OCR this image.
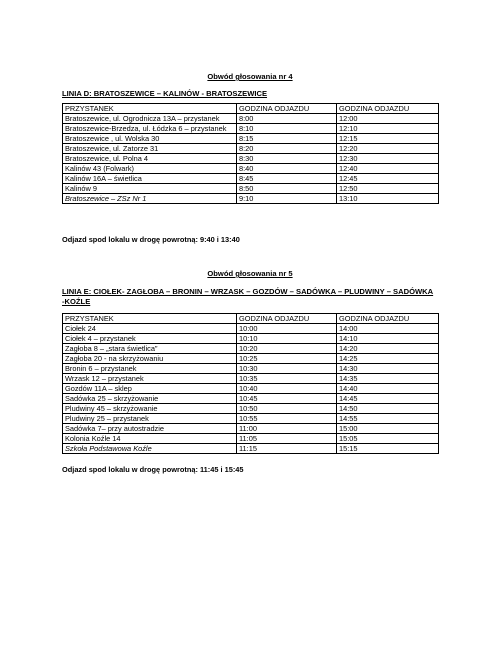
Obwód głosowania nr 4
LINIA D: BRATOSZEWICE – KALINÓW - BRATOSZEWICE
PRZYSTANEK	GODZINA ODJAZDU	GODZINA ODJAZDU
Bratoszewice, ul. Ogrodnicza 13A – przystanek	8:00	12:00
Bratoszewice-Brzedza, ul. Łódzka 6 – przystanek	8:10	12:10
Bratoszewice , ul. Wolska 30	8:15	12:15
Bratoszewice, ul. Zatorze 31	8:20	12:20
Bratoszewice, ul. Polna 4	8:30	12:30
Kalinów 43 (Folwark)	8:40	12:40
Kalinów 16A – świetlica	8:45	12:45
Kalinów 9	8:50	12:50
Bratoszewice – ZSz Nr 1	9:10	13:10
Odjazd spod lokalu w drogę powrotną: 9:40 i 13:40
Obwód głosowania nr 5
LINIA E: CIOŁEK- ZAGŁOBA – BRONIN – WRZASK – GOZDÓW – SADÓWKA – PLUDWINY – SADÓWKA
-KOŹLE
PRZYSTANEK	GODZINA ODJAZDU	GODZINA ODJAZDU
Ciołek 24	10:00	14:00
Ciołek 4 – przystanek	10:10	14:10
Zagłoba 8 – „stara świetlica”	10:20	14:20
Zagłoba 20 - na skrzyżowaniu	10:25	14:25
Bronin 6 – przystanek	10:30	14:30
Wrzask 12 – przystanek	10:35	14:35
Gozdów 11A – sklep	10:40	14:40
Sadówka 25 – skrzyżowanie	10:45	14:45
Pludwiny 45 – skrzyżowanie	10:50	14:50
Pludwiny 25 – przystanek	10:55	14:55
Sadówka 7– przy autostradzie	11:00	15:00
Kolonia Koźle 14	11:05	15:05
Szkoła Podstawowa Koźle	11:15	15:15
Odjazd spod lokalu w drogę powrotną: 11:45 i 15:45
